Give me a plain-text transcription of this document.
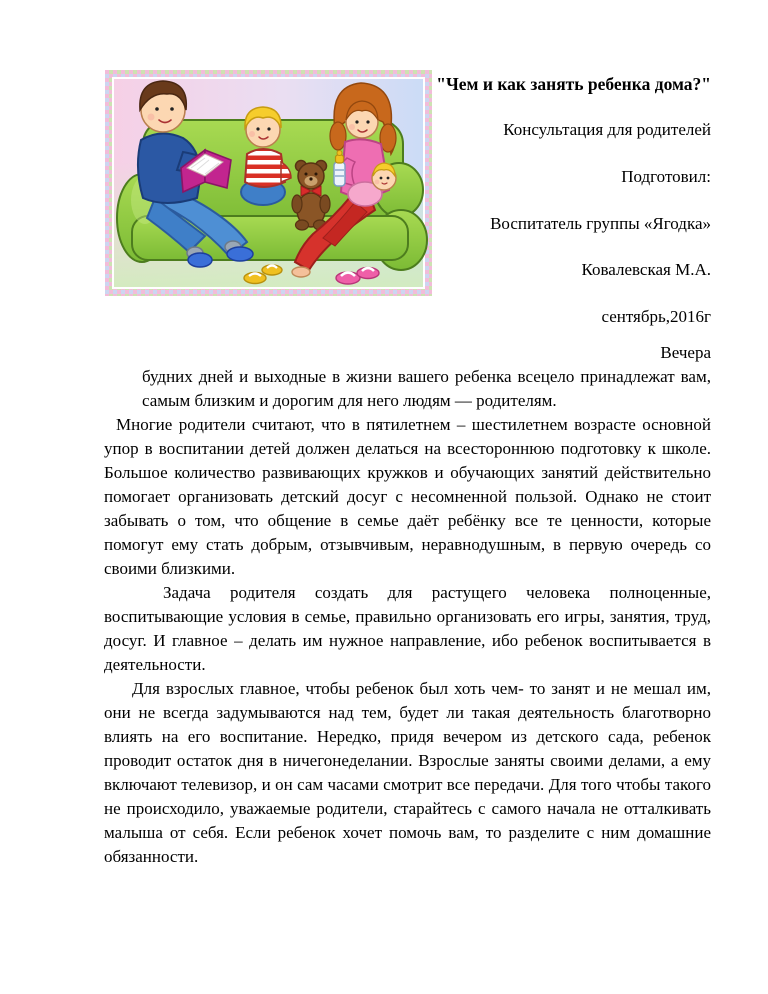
"Чем и как занять ребенка дома?"
Консультация для родителей
Подготовил:
Воспитатель группы «Ягодка»
Ковалевская М.А.
сентябрь,2016г
Вечера

будних дней и выходные в жизни вашего ребенка всецело принадлежат вам, самым близким и дорогим для него людям — родителям.

Многие родители считают, что в пятилетнем – шестилетнем возрасте основной упор в воспитании детей должен делаться на всестороннюю подготовку к школе. Большое количество развивающих кружков и обучающих занятий действительно помогает организовать детский досуг с несомненной пользой. Однако не стоит забывать о том, что общение в семье даёт ребёнку все те ценности, которые помогут ему стать добрым, отзывчивым, неравнодушным, в первую очередь со своими близкими.

Задача родителя создать для растущего человека полноценные, воспитывающие условия в семье, правильно организовать его игры, занятия, труд, досуг. И главное – делать им нужное направление, ибо ребенок воспитывается в деятельности.

Для взрослых главное, чтобы ребенок был хоть чем- то занят и не мешал им, они не всегда задумываются над тем, будет ли такая деятельность благотворно влиять на его воспитание. Нередко, придя вечером из детского сада, ребенок проводит остаток дня в ничегонеделании. Взрослые заняты своими делами, а ему включают телевизор, и он сам часами смотрит все передачи. Для того чтобы такого не происходило, уважаемые родители, старайтесь с самого начала не отталкивать малыша от себя. Если ребенок хочет помочь вам, то разделите с ним домашние обязанности.
